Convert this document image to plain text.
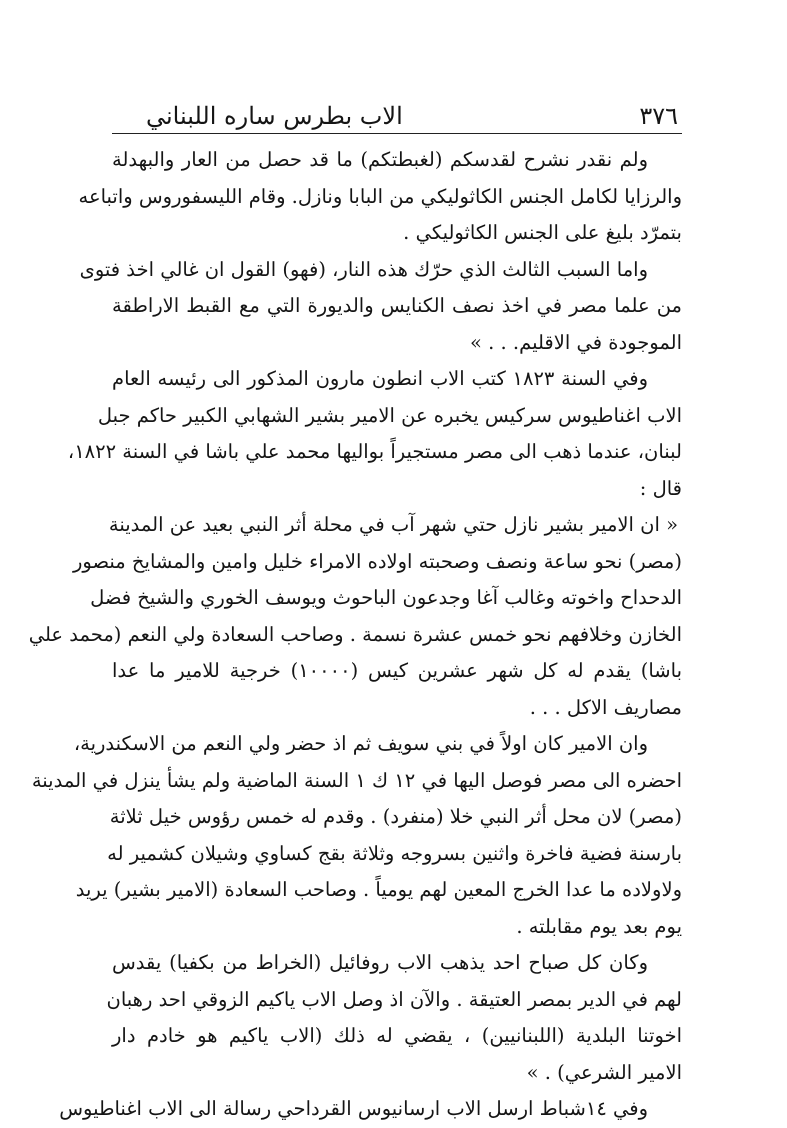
٣٧٦
الاب بطرس ساره اللبناني
ولم نقدر نشرح لقدسكم (لغبطتكم) ما قد حصل من العار والبهدلة
والرزايا لكامل الجنس الكاثوليكي من البابا ونازل. وقام الليسفوروس واتباعه
بتمرّد بليغ على الجنس الكاثوليكي .
واما السبب الثالث الذي حرّك هذه النار، (فهو) القول ان غالي اخذ فتوى
من علما مصر في اخذ نصف الكنايس والديورة التي مع القبط الاراطقة
الموجودة في الاقليم. . . »
وفي السنة ١٨٢٣ كتب الاب انطون مارون المذكور الى رئيسه العام
الاب اغناطيوس سركيس يخبره عن الامير بشير الشهابي الكبير حاكم جبل
لبنان، عندما ذهب الى مصر مستجيراً بواليها محمد علي باشا في السنة ١٨٢٢،
قال :
« ان الامير بشير نازل حتي شهر آب في محلة أثر النبي بعيد عن المدينة
(مصر) نحو ساعة ونصف وصحبته اولاده الامراء خليل وامين والمشايخ منصور
الدحداح واخوته وغالب آغا وجدعون الباحوث ويوسف الخوري والشيخ فضل
الخازن وخلافهم نحو خمس عشرة نسمة . وصاحب السعادة ولي النعم (محمد علي
باشا) يقدم له كل شهر عشرين كيس (١٠٠٠٠) خرجية للامير ما عدا
مصاريف الاكل . . .
وان الامير كان اولاً في بني سويف ثم اذ حضر ولي النعم من الاسكندرية،
احضره الى مصر فوصل اليها في ١٢ ك ١ السنة الماضية ولم يشأ ينزل في المدينة
(مصر) لان محل أثر النبي خلا (منفرد) . وقدم له خمس رؤوس خيل ثلاثة
بارسنة فضية فاخرة واثنين بسروجه وثلاثة بقج كساوي وشيلان كشمير له
ولاولاده ما عدا الخرج المعين لهم يومياً . وصاحب السعادة (الامير بشير) يريد
يوم بعد يوم مقابلته .
وكان كل صباح احد يذهب الاب روفائيل (الخراط من بكفيا) يقدس
لهم في الدير بمصر العتيقة . والآن اذ وصل الاب ياكيم الزوقي احد رهبان
اخوتنا البلدية (اللبنانيين) ، يقضي له ذلك (الاب ياكيم هو خادم دار
الامير الشرعي) . »
وفي ١٤شباط ارسل الاب ارسانيوس القرداحي رسالة الى الاب اغناطيوس
